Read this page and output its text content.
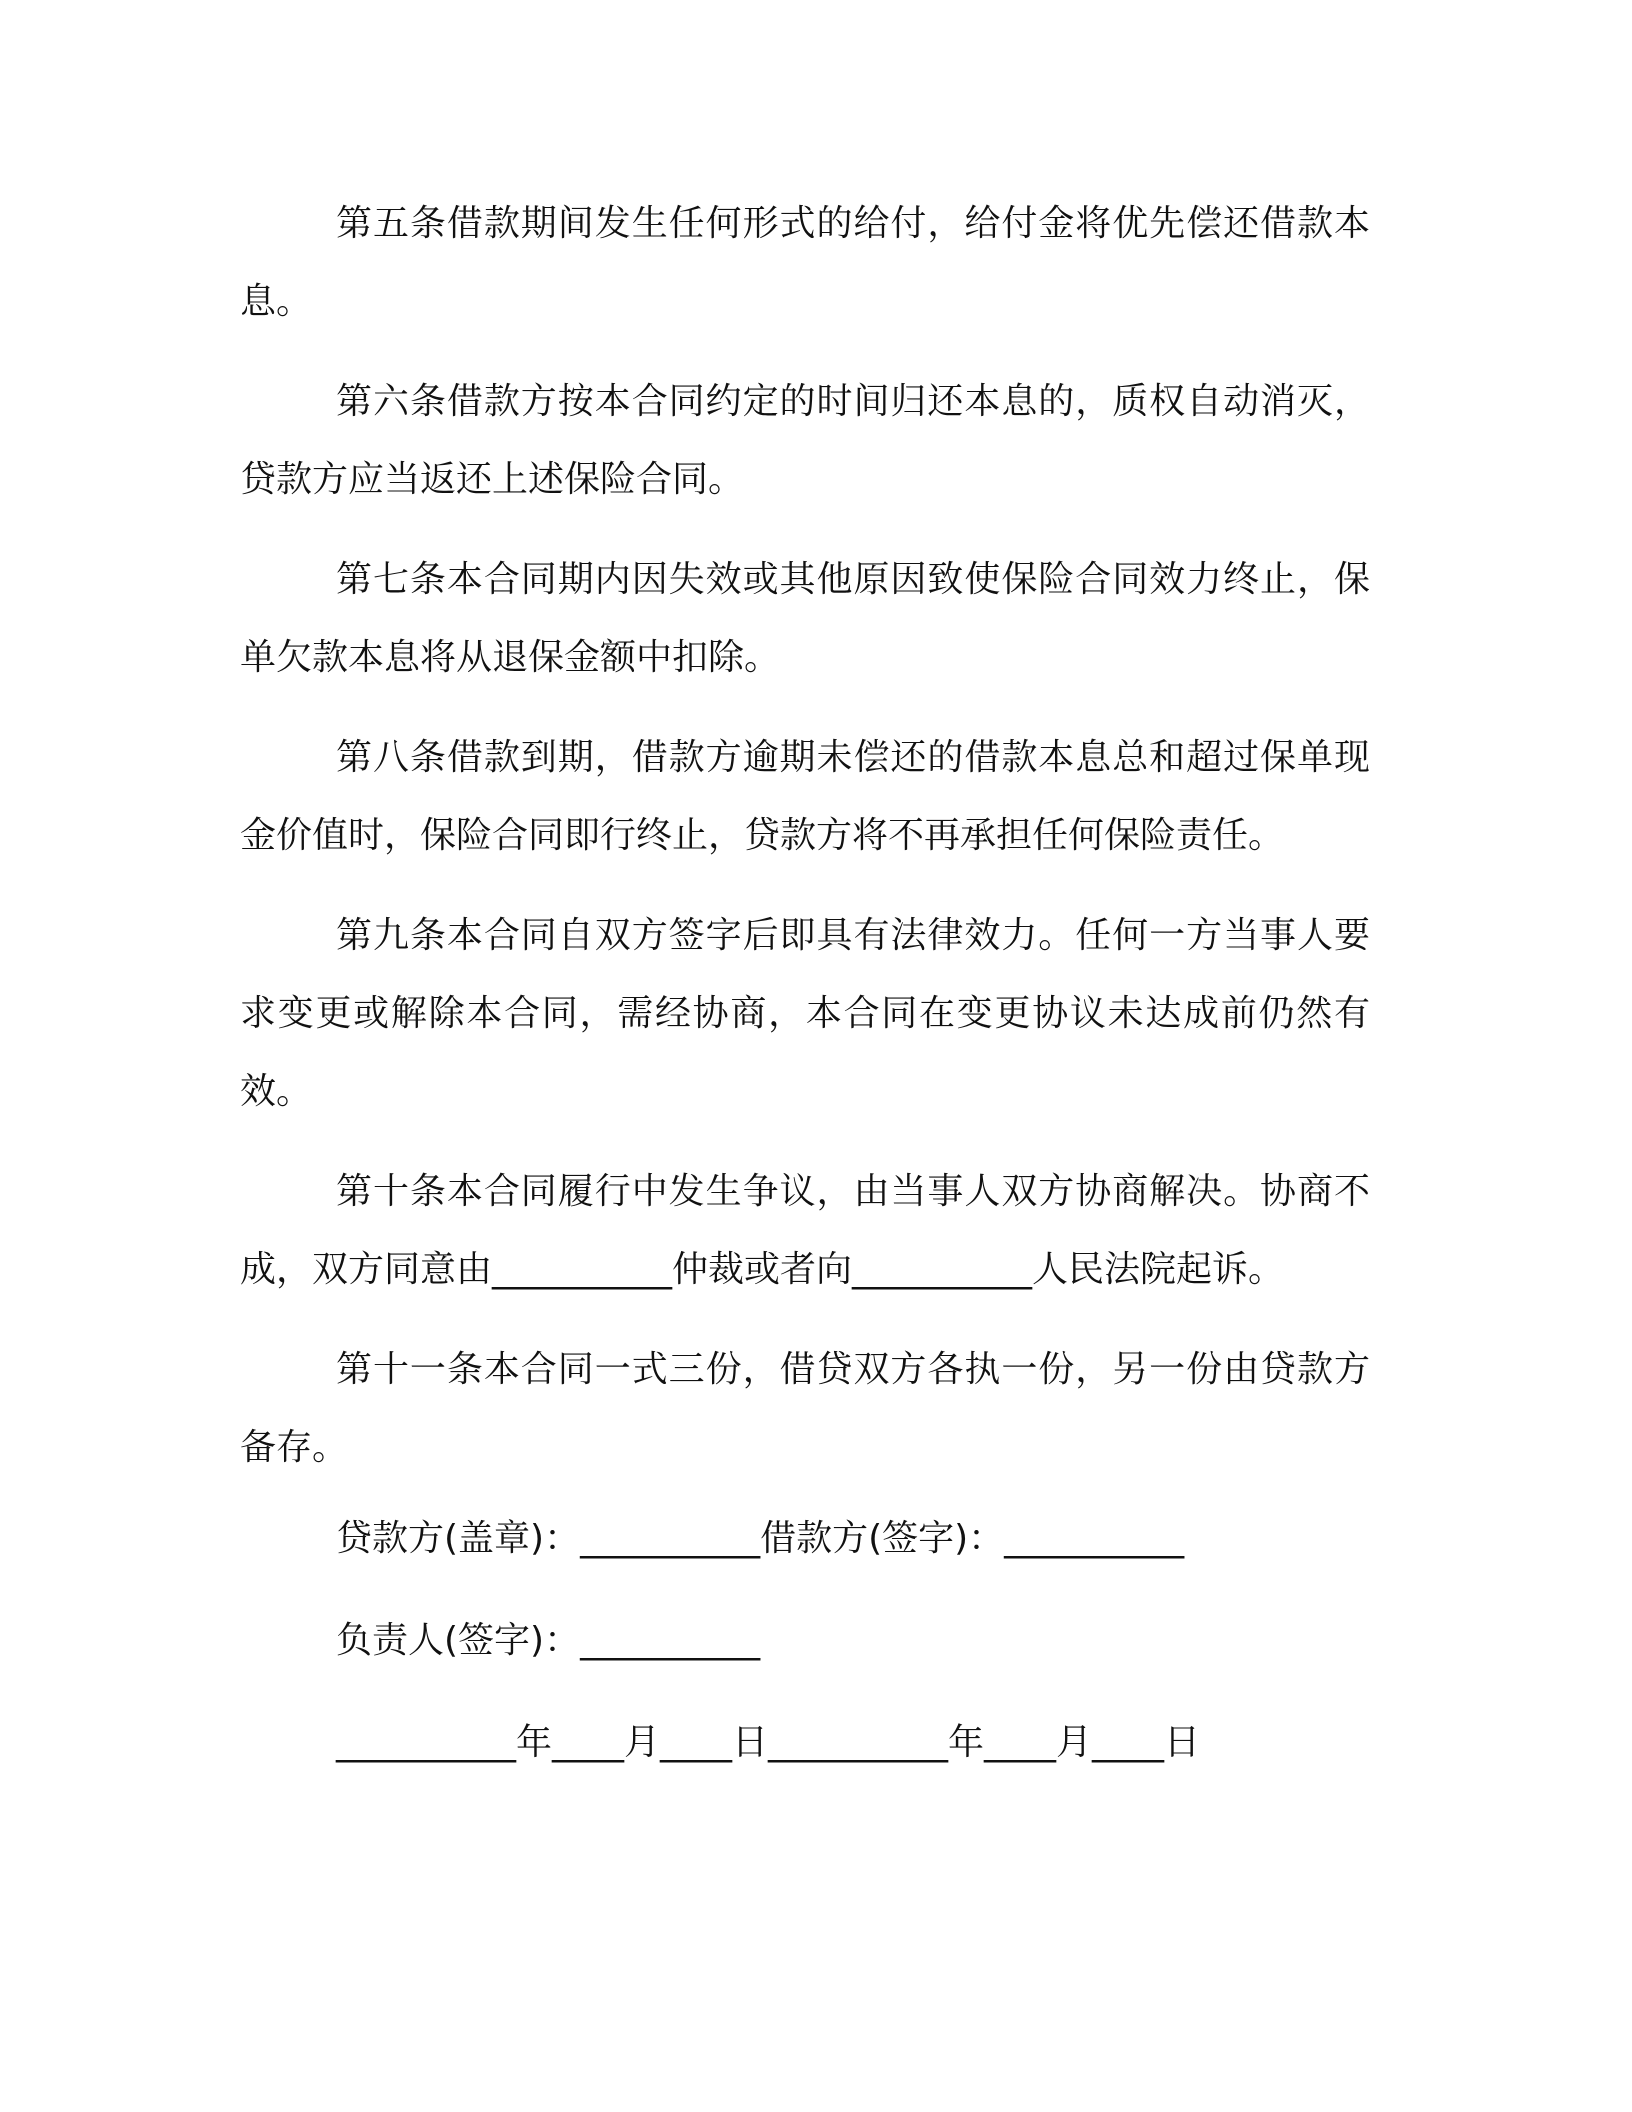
第五条借款期间发生任何形式的给付，给付金将优先偿还借款本息。

第六条借款方按本合同约定的时间归还本息的，质权自动消灭，贷款方应当返还上述保险合同。

第七条本合同期内因失效或其他原因致使保险合同效力终止，保单欠款本息将从退保金额中扣除。

第八条借款到期，借款方逾期未偿还的借款本息总和超过保单现金价值时，保险合同即行终止，贷款方将不再承担任何保险责任。

第九条本合同自双方签字后即具有法律效力。任何一方当事人要求变更或解除本合同，需经协商，本合同在变更协议未达成前仍然有效。

第十条本合同履行中发生争议，由当事人双方协商解决。协商不成，双方同意由__________仲裁或者向__________人民法院起诉。

第十一条本合同一式三份，借贷双方各执一份，另一份由贷款方备存。

贷款方(盖章)：__________借款方(签字)：__________

负责人(签字)：__________

__________年____月____日__________年____月____日
